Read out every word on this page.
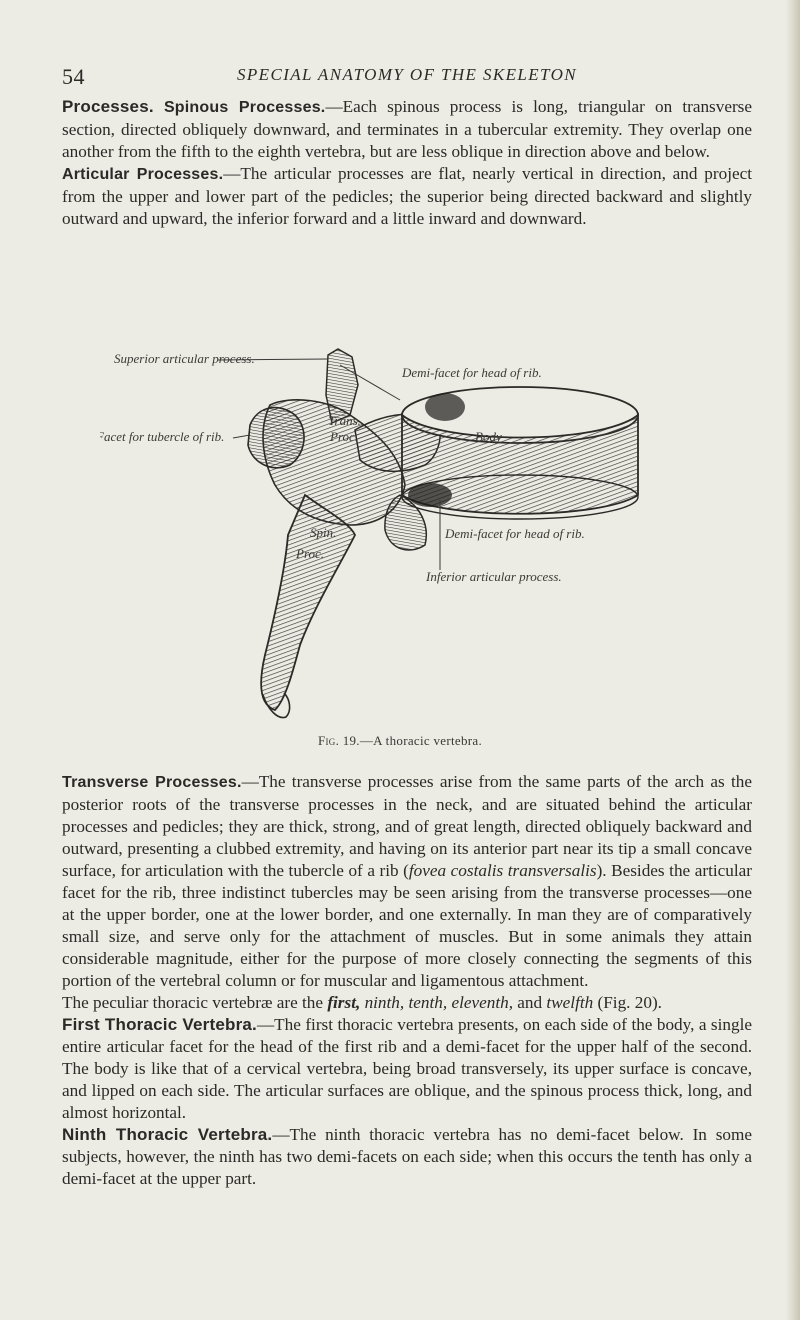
54	SPECIAL ANATOMY OF THE SKELETON

Processes. Spinous Processes.—Each spinous process is long, triangular on transverse section, directed obliquely downward, and terminates in a tubercular extremity. They overlap one another from the fifth to the eighth vertebra, but are less oblique in direction above and below.

Articular Processes.—The articular processes are flat, nearly vertical in direction, and project from the upper and lower part of the pedicles; the superior being directed backward and slightly outward and upward, the inferior forward and a little inward and downward.

Superior articular process.
Demi-facet for head of rib.
Facet for tubercle of rib.
Trans.
Proc.	Body
Demi-facet for head of rib.
Spin.
Proc.
Inferior articular process.
Fig. 19.—A thoracic vertebra.

Transverse Processes.—The transverse processes arise from the same parts of the arch as the posterior roots of the transverse processes in the neck, and are situated behind the articular processes and pedicles; they are thick, strong, and of great length, directed obliquely backward and outward, presenting a clubbed extremity, and having on its anterior part near its tip a small concave surface, for articulation with the tubercle of a rib (fovea costalis transversalis). Besides the articular facet for the rib, three indistinct tubercles may be seen arising from the transverse processes—one at the upper border, one at the lower border, and one externally. In man they are of comparatively small size, and serve only for the attachment of muscles. But in some animals they attain considerable magnitude, either for the purpose of more closely connecting the segments of this portion of the vertebral column or for muscular and ligamentous attachment.

The peculiar thoracic vertebræ are the first, ninth, tenth, eleventh, and twelfth (Fig. 20).

First Thoracic Vertebra.—The first thoracic vertebra presents, on each side of the body, a single entire articular facet for the head of the first rib and a demi-facet for the upper half of the second. The body is like that of a cervical vertebra, being broad transversely, its upper surface is concave, and lipped on each side. The articular surfaces are oblique, and the spinous process thick, long, and almost horizontal.

Ninth Thoracic Vertebra.—The ninth thoracic vertebra has no demi-facet below. In some subjects, however, the ninth has two demi-facets on each side; when this occurs the tenth has only a demi-facet at the upper part.
